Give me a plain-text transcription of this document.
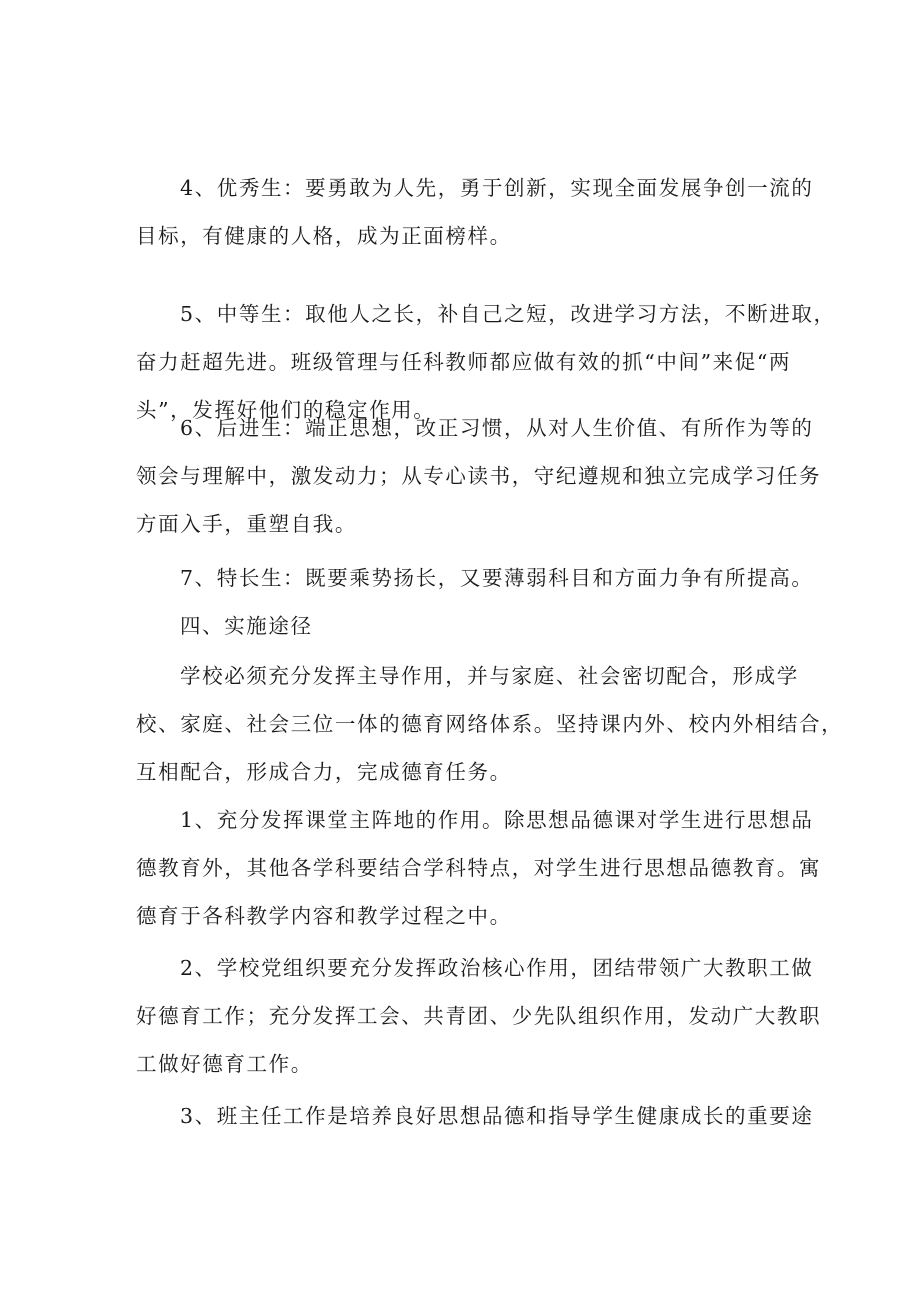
4、优秀生：要勇敢为人先，勇于创新，实现全面发展争创一流的
目标，有健康的人格，成为正面榜样。
5、中等生：取他人之长，补自己之短，改进学习方法，不断进取，
奋力赶超先进。班级管理与任科教师都应做有效的抓“中间”来促“两
头”，发挥好他们的稳定作用。
6、后进生：端正思想，改正习惯，从对人生价值、有所作为等的
领会与理解中，激发动力；从专心读书，守纪遵规和独立完成学习任务
方面入手，重塑自我。
7、特长生：既要乘势扬长，又要薄弱科目和方面力争有所提高。
四、实施途径
学校必须充分发挥主导作用，并与家庭、社会密切配合，形成学
校、家庭、社会三位一体的德育网络体系。坚持课内外、校内外相结合，
互相配合，形成合力，完成德育任务。
1、充分发挥课堂主阵地的作用。除思想品德课对学生进行思想品
德教育外，其他各学科要结合学科特点，对学生进行思想品德教育。寓
德育于各科教学内容和教学过程之中。
2、学校党组织要充分发挥政治核心作用，团结带领广大教职工做
好德育工作；充分发挥工会、共青团、少先队组织作用，发动广大教职
工做好德育工作。
3、班主任工作是培养良好思想品德和指导学生健康成长的重要途
